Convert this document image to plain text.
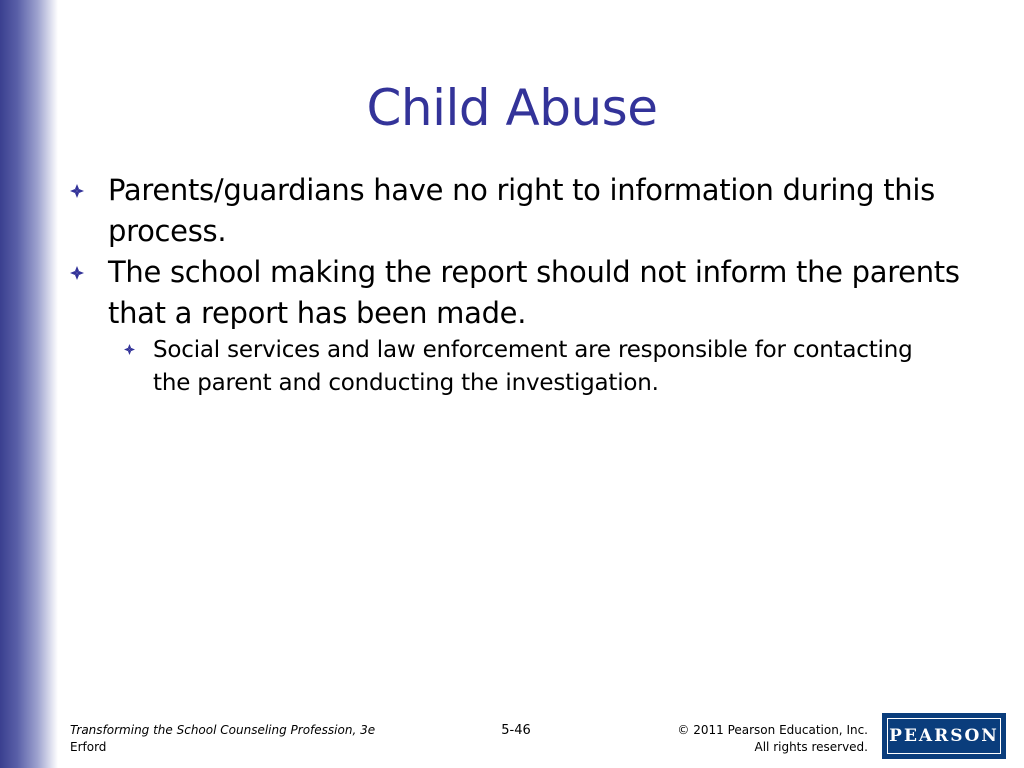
Child Abuse
Parents/guardians have no right to information during this process.
The school making the report should not inform the parents that a report has been made.
Social services and law enforcement are responsible for contacting the parent and conducting the investigation.
Transforming the School Counseling Profession, 3e
Erford
5-46	© 2011 Pearson Education, Inc.
All rights reserved.
PEARSON
